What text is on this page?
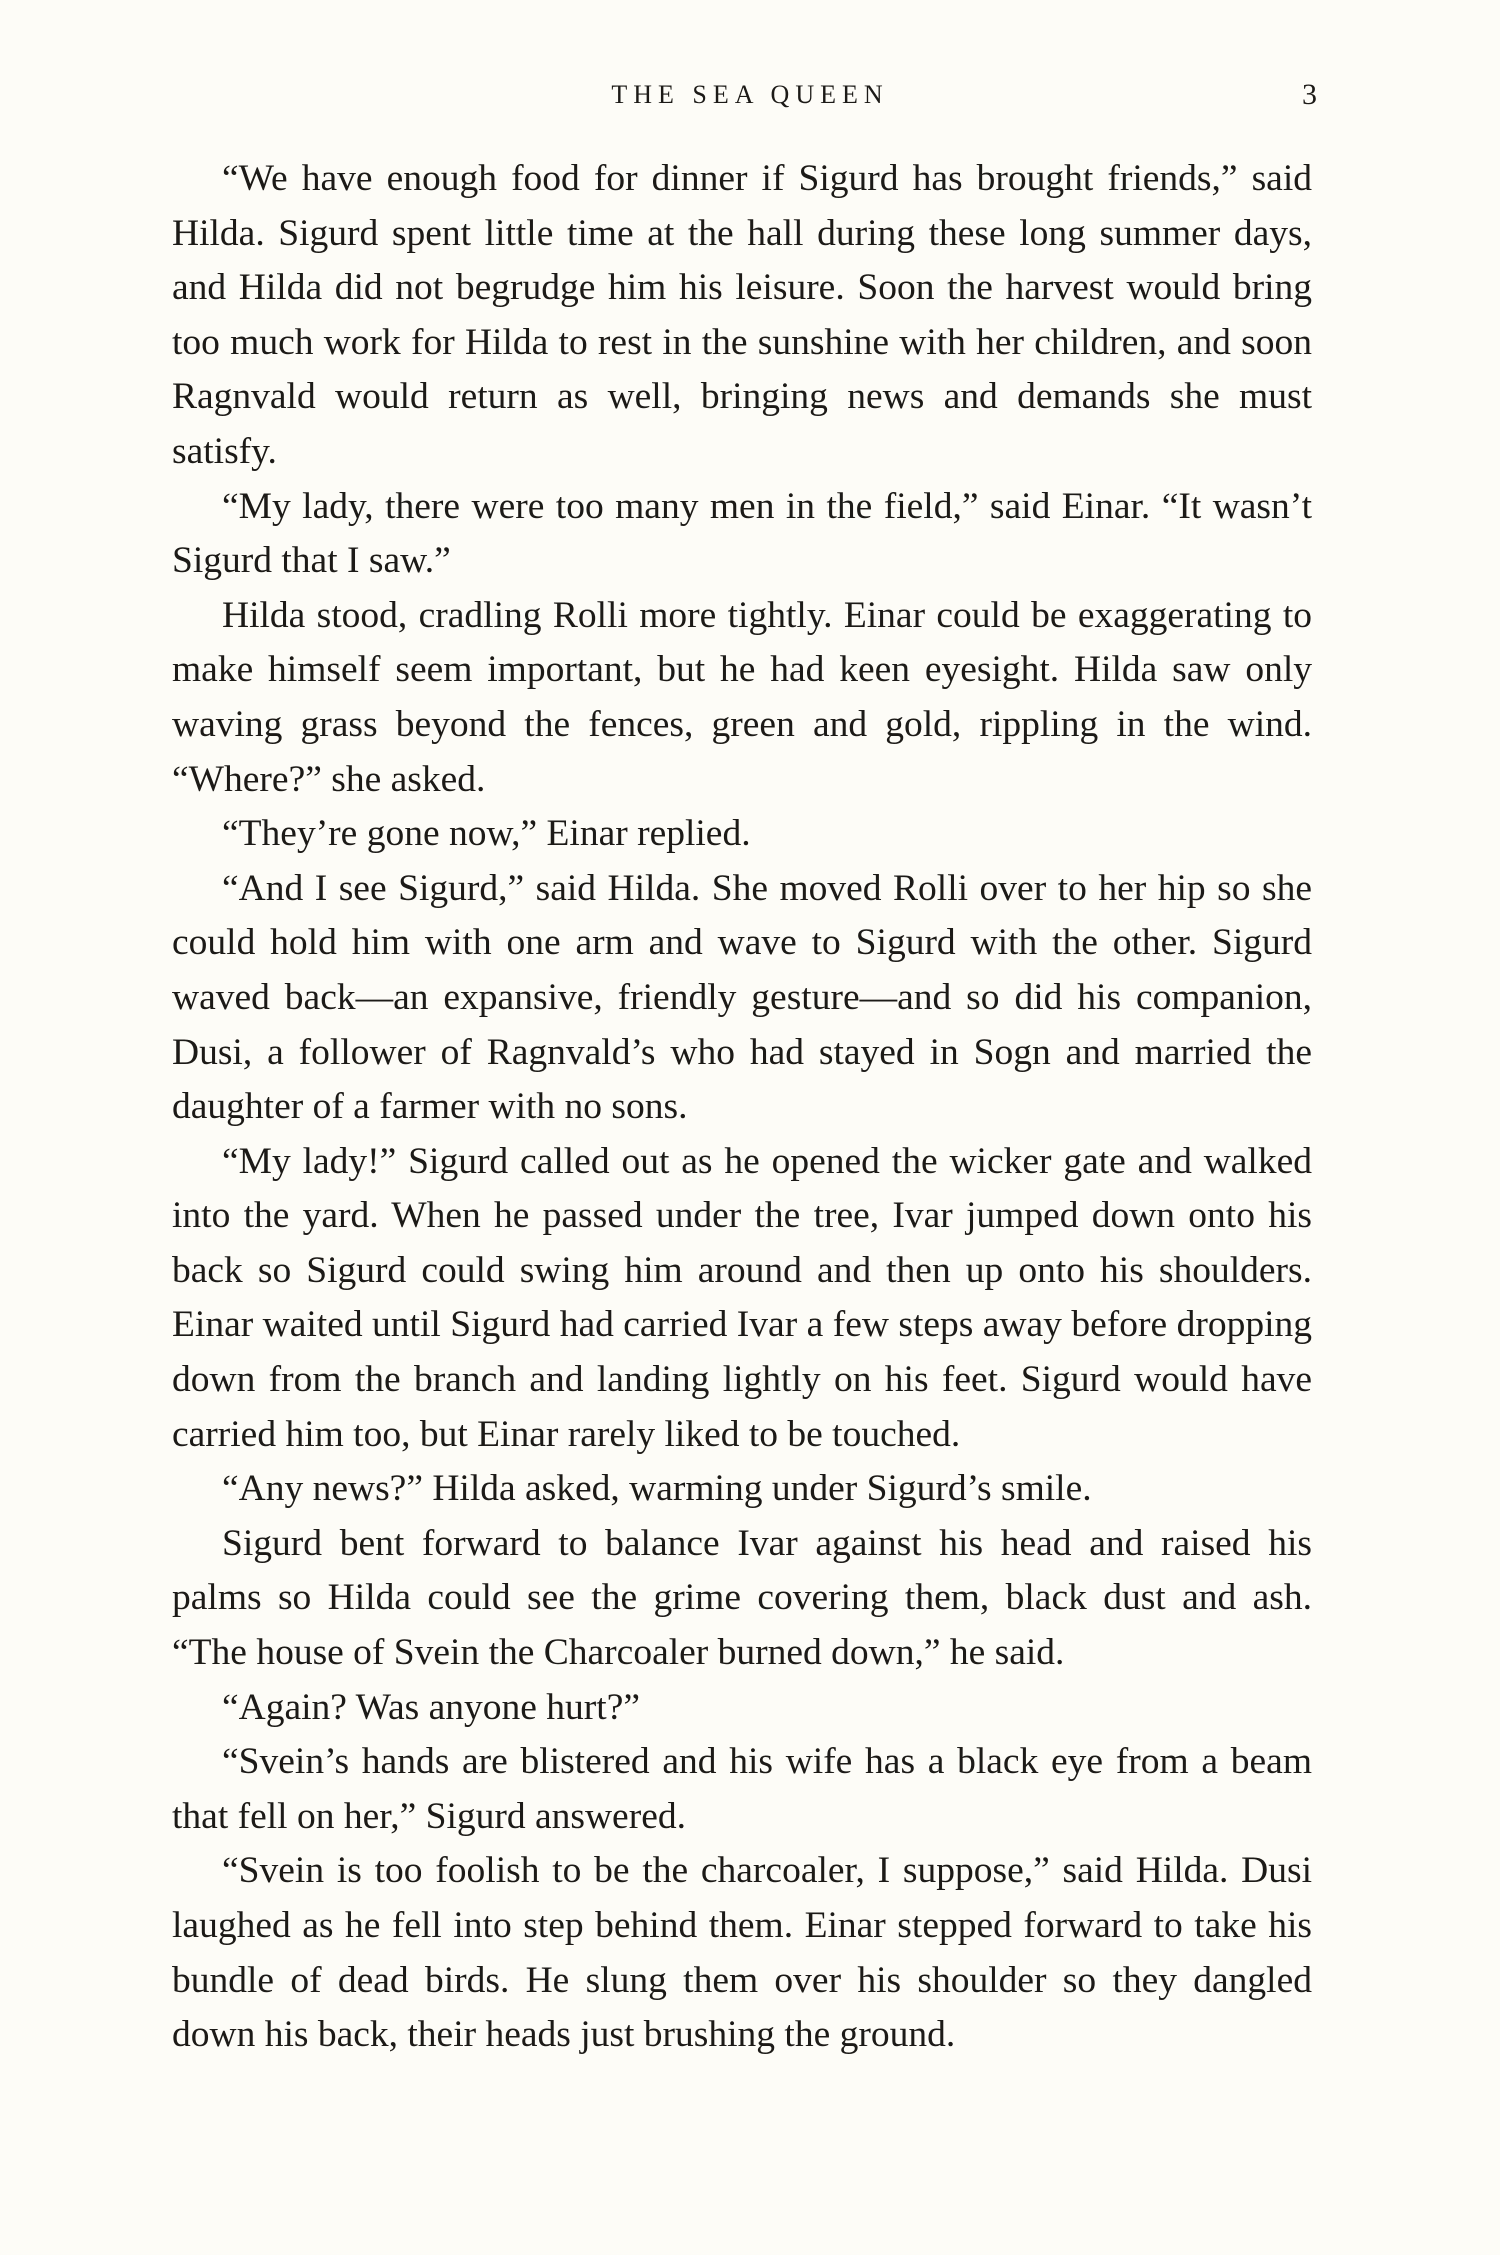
THE SEA QUEEN	3

“We have enough food for dinner if Sigurd has brought friends,” said Hilda. Sigurd spent little time at the hall during these long summer days, and Hilda did not begrudge him his leisure. Soon the harvest would bring too much work for Hilda to rest in the sunshine with her children, and soon Ragnvald would return as well, bringing news and demands she must satisfy.

“My lady, there were too many men in the field,” said Einar. “It wasn’t Sigurd that I saw.”

Hilda stood, cradling Rolli more tightly. Einar could be exaggerating to make himself seem important, but he had keen eyesight. Hilda saw only waving grass beyond the fences, green and gold, rippling in the wind. “Where?” she asked.

“They’re gone now,” Einar replied.

“And I see Sigurd,” said Hilda. She moved Rolli over to her hip so she could hold him with one arm and wave to Sigurd with the other. Sigurd waved back—an expansive, friendly gesture—and so did his companion, Dusi, a follower of Ragnvald’s who had stayed in Sogn and married the daughter of a farmer with no sons.

“My lady!” Sigurd called out as he opened the wicker gate and walked into the yard. When he passed under the tree, Ivar jumped down onto his back so Sigurd could swing him around and then up onto his shoulders. Einar waited until Sigurd had carried Ivar a few steps away before dropping down from the branch and landing lightly on his feet. Sigurd would have carried him too, but Einar rarely liked to be touched.

“Any news?” Hilda asked, warming under Sigurd’s smile.

Sigurd bent forward to balance Ivar against his head and raised his palms so Hilda could see the grime covering them, black dust and ash. “The house of Svein the Charcoaler burned down,” he said.

“Again? Was anyone hurt?”

“Svein’s hands are blistered and his wife has a black eye from a beam that fell on her,” Sigurd answered.

“Svein is too foolish to be the charcoaler, I suppose,” said Hilda. Dusi laughed as he fell into step behind them. Einar stepped forward to take his bundle of dead birds. He slung them over his shoulder so they dangled down his back, their heads just brushing the ground.
